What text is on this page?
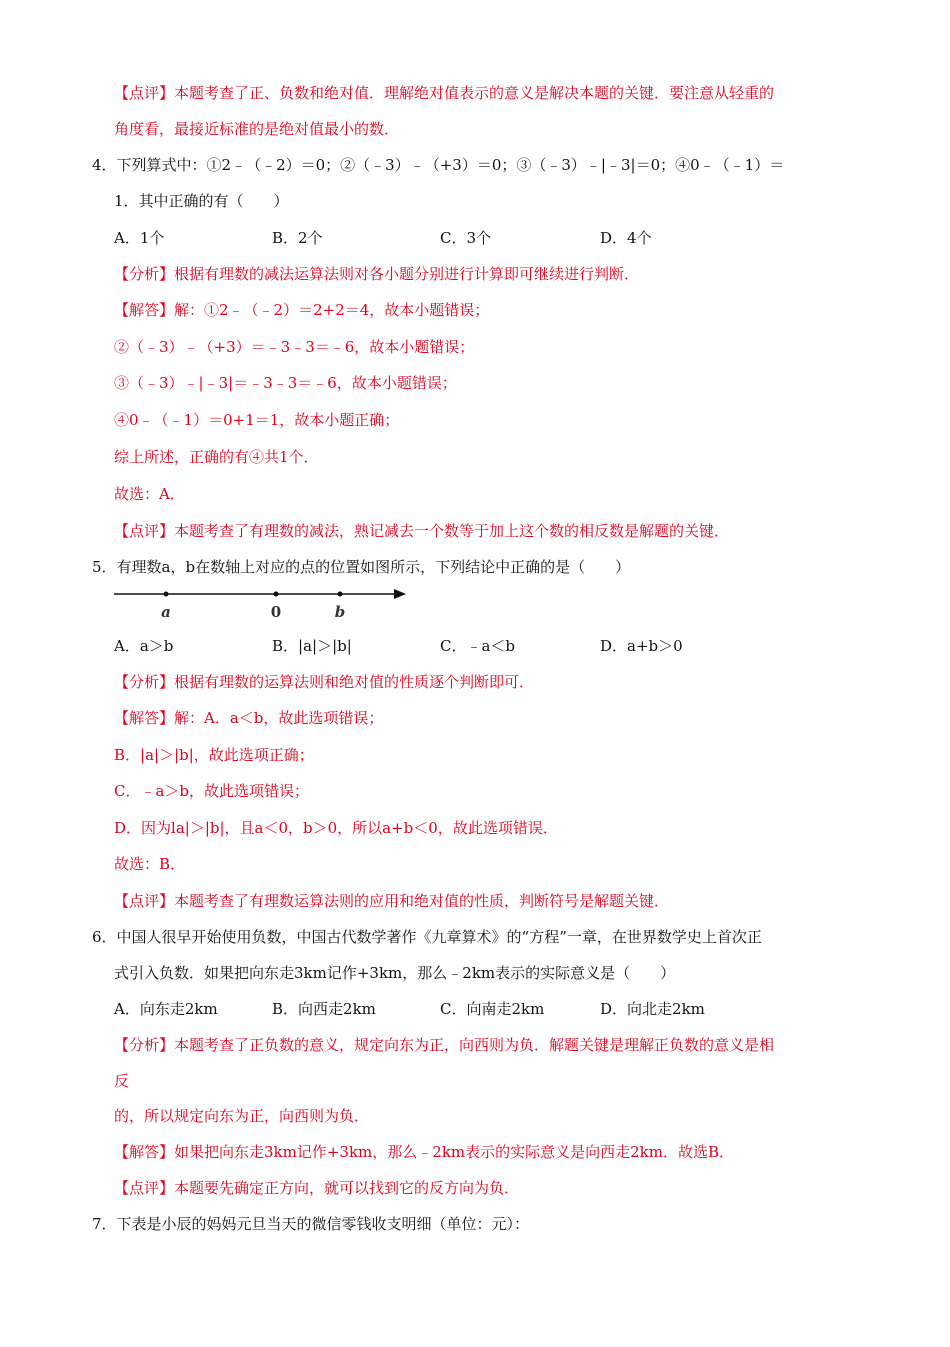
【点评】本题考查了正、负数和绝对值．理解绝对值表示的意义是解决本题的关键．要注意从轻重的
角度看，最接近标准的是绝对值最小的数．
4．下列算式中：①2﹣（﹣2）＝0；②（﹣3）﹣（+3）＝0；③（﹣3）﹣|﹣3|＝0；④0﹣（﹣1）＝
1．其中正确的有（　　）
A．1个	B．2个	C．3个	D．4个
【分析】根据有理数的减法运算法则对各小题分别进行计算即可继续进行判断．
【解答】解：①2﹣（﹣2）＝2+2＝4，故本小题错误；
②（﹣3）﹣（+3）＝﹣3﹣3＝﹣6，故本小题错误；
③（﹣3）﹣|﹣3|＝﹣3﹣3＝﹣6，故本小题错误；
④0﹣（﹣1）＝0+1＝1，故本小题正确；
综上所述，正确的有④共1个．
故选：A．
【点评】本题考查了有理数的减法，熟记减去一个数等于加上这个数的相反数是解题的关键．
5．有理数a，b在数轴上对应的点的位置如图所示，下列结论中正确的是（　　）
a	0	b
A．a＞b	B．|a|＞|b|	C．﹣a＜b	D．a+b＞0
【分析】根据有理数的运算法则和绝对值的性质逐个判断即可．
【解答】解：A．a＜b，故此选项错误；
B．|a|＞|b|，故此选项正确；
C．﹣a＞b，故此选项错误；
D．因为la|＞|b|，且a＜0，b＞0，所以a+b＜0，故此选项错误．
故选：B．
【点评】本题考查了有理数运算法则的应用和绝对值的性质，判断符号是解题关键．
6．中国人很早开始使用负数，中国古代数学著作《九章算术》的“方程”一章，在世界数学史上首次正
式引入负数．如果把向东走3km记作+3km，那么﹣2km表示的实际意义是（　　）
A．向东走2km	B．向西走2km	C．向南走2km	D．向北走2km
【分析】本题考查了正负数的意义，规定向东为正，向西则为负．解题关键是理解正负数的意义是相
反
的，所以规定向东为正，向西则为负．
【解答】如果把向东走3km记作+3km，那么﹣2km表示的实际意义是向西走2km．故选B．
【点评】本题要先确定正方向，就可以找到它的反方向为负．
7．下表是小辰的妈妈元旦当天的微信零钱收支明细（单位：元）：
